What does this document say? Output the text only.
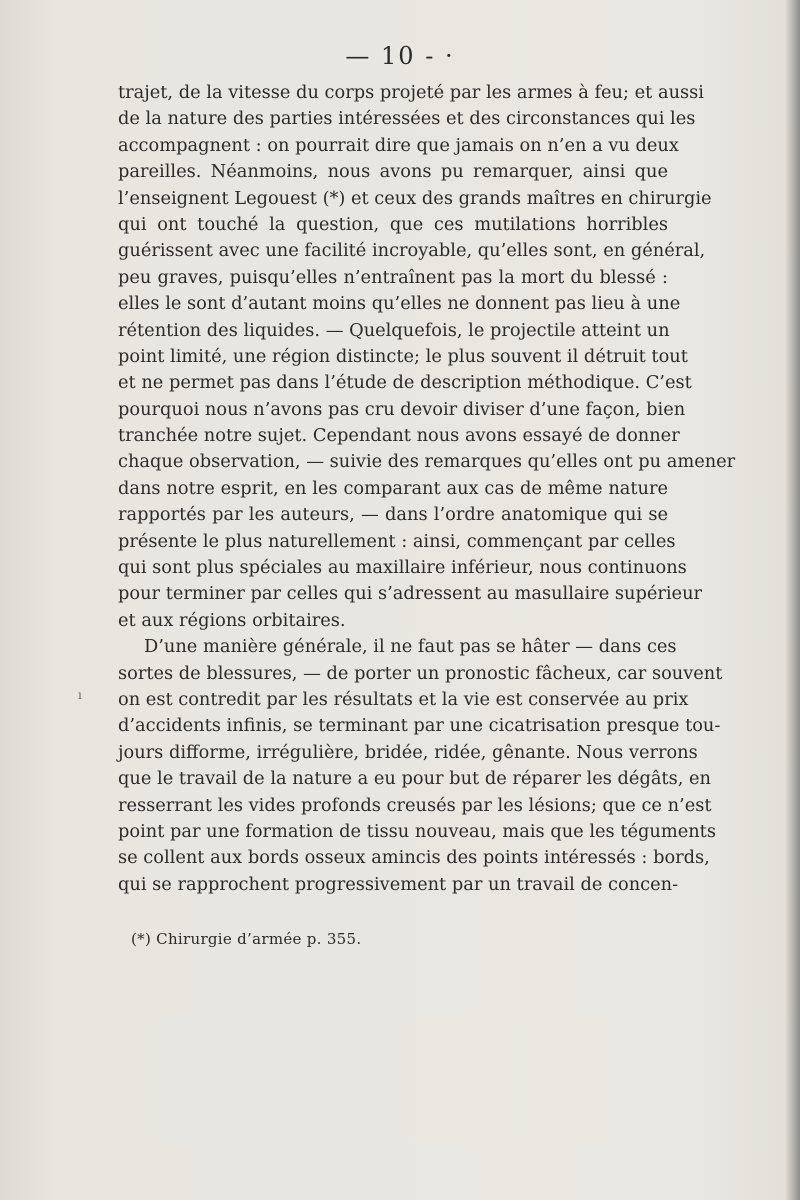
— 10 - ·
trajet, de la vitesse du corps projeté par les armes à feu; et aussi
de la nature des parties intéressées et des circonstances qui les
accompagnent : on pourrait dire que jamais on n’en a vu deux
pareilles. Néanmoins, nous avons pu remarquer, ainsi que
l’enseignent Legouest (*) et ceux des grands maîtres en chirurgie
qui ont touché la question, que ces mutilations horribles
guérissent avec une facilité incroyable, qu’elles sont, en général,
peu graves, puisqu’elles n’entraînent pas la mort du blessé :
elles le sont d’autant moins qu’elles ne donnent pas lieu à une
rétention des liquides. — Quelquefois, le projectile atteint un
point limité, une région distincte; le plus souvent il détruit tout
et ne permet pas dans l’étude de description méthodique. C’est
pourquoi nous n’avons pas cru devoir diviser d’une façon, bien
tranchée notre sujet. Cependant nous avons essayé de donner
chaque observation, — suivie des remarques qu’elles ont pu amener
dans notre esprit, en les comparant aux cas de même nature
rapportés par les auteurs, — dans l’ordre anatomique qui se
présente le plus naturellement : ainsi, commençant par celles
qui sont plus spéciales au maxillaire inférieur, nous continuons
pour terminer par celles qui s’adressent au masullaire supérieur
et aux régions orbitaires.
D’une manière générale, il ne faut pas se hâter — dans ces
sortes de blessures, — de porter un pronostic fâcheux, car souvent
on est contredit par les résultats et la vie est conservée au prix
d’accidents infinis, se terminant par une cicatrisation presque tou-
jours difforme, irrégulière, bridée, ridée, gênante. Nous verrons
que le travail de la nature a eu pour but de réparer les dégâts, en
resserrant les vides profonds creusés par les lésions; que ce n’est
point par une formation de tissu nouveau, mais que les téguments
se collent aux bords osseux amincis des points intéressés : bords,
qui se rapprochent progressivement par un travail de concen-
(*) Chirurgie d’armée p. 355.
ı
